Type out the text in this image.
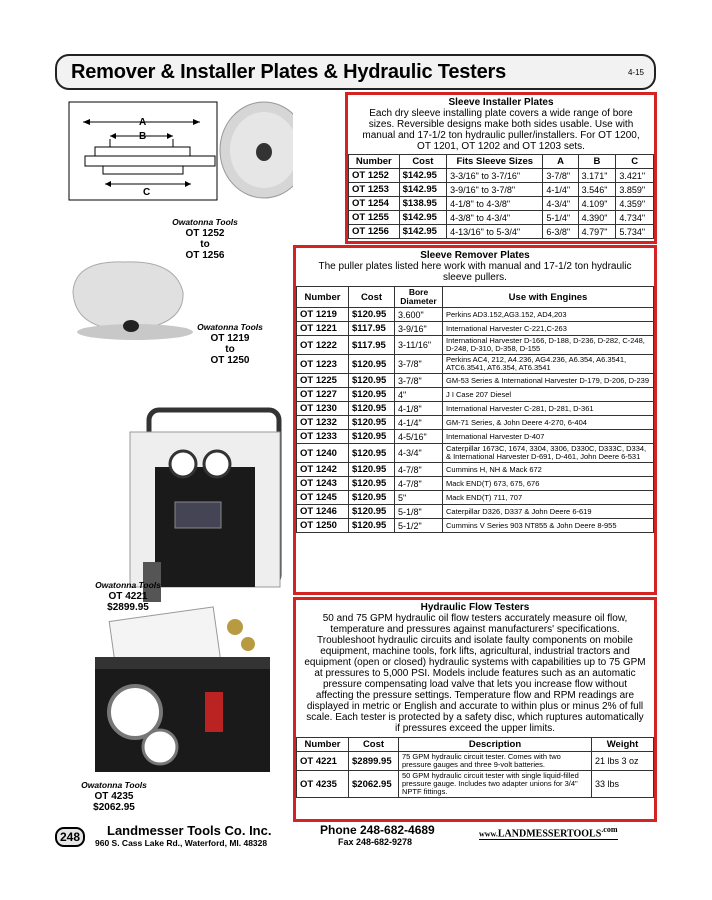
Remover & Installer Plates & Hydraulic Testers	4-15
A
B
C
Owatonna Tools
OT 1252
to
OT 1256
Owatonna Tools
OT 1219
to
OT 1250
Owatonna Tools
OT 4221
$2899.95
Owatonna Tools
OT 4235
$2062.95
Sleeve Installer Plates
Each dry sleeve installing plate covers a wide range of bore sizes. Reversible designs make both sides usable. Use with manual and 17-1/2 ton hydraulic puller/installers. For OT 1200, OT 1201, OT 1202 and OT 1203 sets.
Number	Cost	Fits Sleeve Sizes	A	B	C
OT 1252	$142.95	3-3/16" to 3-7/16"	3-7/8"	3.171"	3.421"
OT 1253	$142.95	3-9/16" to 3-7/8"	4-1/4"	3.546"	3.859"
OT 1254	$138.95	4-1/8" to 4-3/8"	4-3/4"	4.109"	4.359"
OT 1255	$142.95	4-3/8" to 4-3/4"	5-1/4"	4.390"	4.734"
OT 1256	$142.95	4-13/16" to 5-3/4"	6-3/8"	4.797"	5.734"
Sleeve Remover Plates
The puller plates listed here work with manual and 17-1/2 ton hydraulic sleeve pullers.
Number	Cost	Bore Diameter	Use with Engines
OT 1219	$120.95	3.600"	Perkins AD3.152,AG3.152, AD4,203
OT 1221	$117.95	3-9/16"	International Harvester C-221,C-263
OT 1222	$117.95	3-11/16"	International Harvester D-166, D-188, D-236, D-282, C-248, D-248, D-310, D-358, D-155
OT 1223	$120.95	3-7/8"	Perkins AC4, 212, A4.236, AG4.236, A6.354, A6.3541, ATC6.3541, AT6.354, AT6.3541
OT 1225	$120.95	3-7/8"	GM-53 Series & International Harvester D-179, D-206, D-239
OT 1227	$120.95	4"	J I Case 207 Diesel
OT 1230	$120.95	4-1/8"	International Harvester C-281, D-281, D-361
OT 1232	$120.95	4-1/4"	GM-71 Series, & John Deere 4-270, 6-404
OT 1233	$120.95	4-5/16"	International Harvester D-407
OT 1240	$120.95	4-3/4"	Caterpillar 1673C, 1674, 3304, 3306, D330C, D333C, D334, & International Harvester D-691, D-461, John Deere 6-531
OT 1242	$120.95	4-7/8"	Cummins H, NH & Mack 672
OT 1243	$120.95	4-7/8"	Mack END(T) 673, 675, 676
OT 1245	$120.95	5"	Mack END(T) 711, 707
OT 1246	$120.95	5-1/8"	Caterpillar D326, D337 & John Deere 6-619
OT 1250	$120.95	5-1/2"	Cummins V Series 903 NT855 & John Deere 8-955
Hydraulic Flow Testers
50 and 75 GPM hydraulic oil flow testers accurately measure oil flow, temperature and pressures against manufacturers' specifications. Troubleshoot hydraulic circuits and isolate faulty components on mobile equipment, machine tools, fork lifts, agricultural, industrial tractors and equipment (open or closed) hydraulic systems with capabilities up to 75 GPM at pressures to 5,000 PSI. Models include features such as an automatic pressure compensating load valve that lets you increase flow without affecting the pressure settings. Temperature flow and RPM readings are displayed in metric or English and accurate to within plus or minus 2% of full scale. Each tester is protected by a safety disc, which ruptures automatically if pressures exceed the upper limits.
Number	Cost	Description	Weight
OT 4221	$2899.95	75 GPM hydraulic circuit tester. Comes with two pressure gauges and three 9-volt batteries.	21 lbs 3 oz
OT 4235	$2062.95	50 GPM hydraulic circuit tester with single liquid-filled pressure gauge. Includes two adapter unions for 3/4" NPTF fittings.	33 lbs
248	Landmesser Tools Co. Inc.
960 S. Cass Lake Rd., Waterford, MI. 48328
Phone 248-682-4689
Fax 248-682-9278
$www.LANDMESSERTOOLS^{.com}$
